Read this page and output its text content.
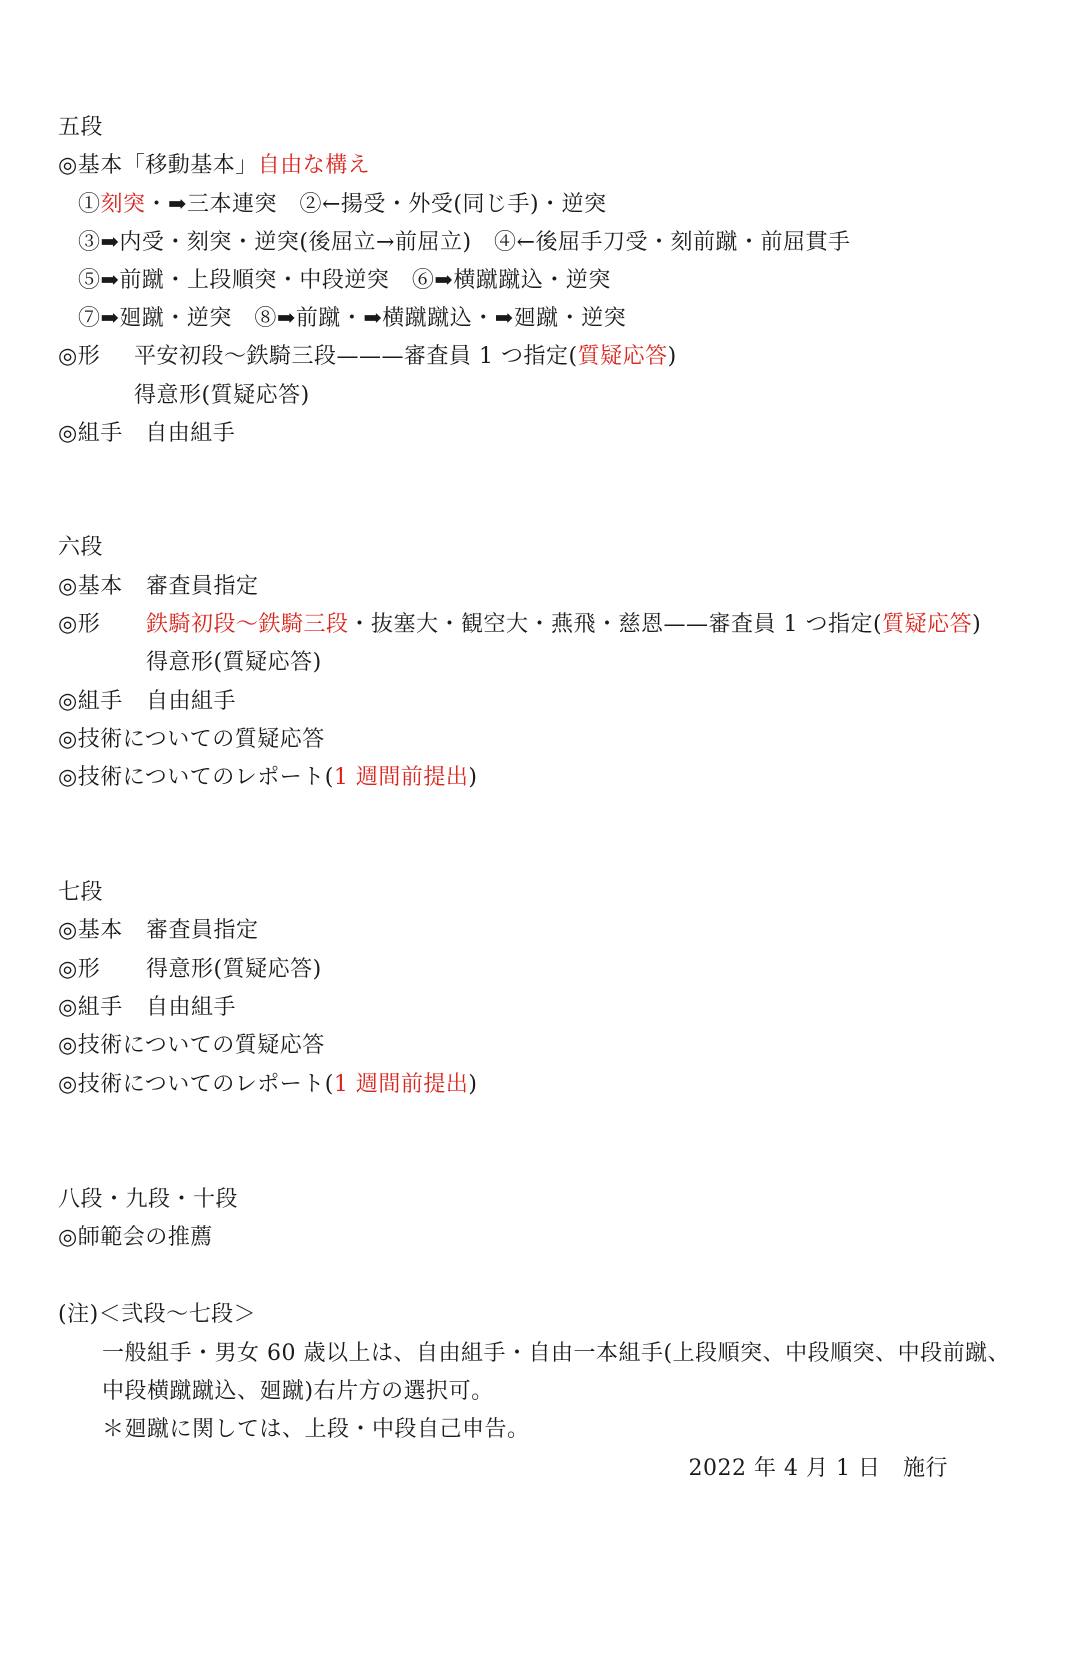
五段
◎基本「移動基本」自由な構え
①刻突・➡三本連突　②←揚受・外受(同じ手)・逆突
③➡内受・刻突・逆突(後屈立→前屈立)　④←後屈手刀受・刻前蹴・前屈貫手
⑤➡前蹴・上段順突・中段逆突　⑥➡横蹴蹴込・逆突
⑦➡廻蹴・逆突　⑧➡前蹴・➡横蹴蹴込・➡廻蹴・逆突
◎形 平安初段～鉄騎三段———審査員 1 つ指定(質疑応答)
得意形(質疑応答)
◎組手　自由組手
六段
◎基本 審査員指定
◎形 鉄騎初段～鉄騎三段・抜塞大・観空大・燕飛・慈恩——審査員 1 つ指定(質疑応答)
得意形(質疑応答)
◎組手 自由組手
◎技術についての質疑応答
◎技術についてのレポート(1 週間前提出)
七段
◎基本 審査員指定
◎形 得意形(質疑応答)
◎組手 自由組手
◎技術についての質疑応答
◎技術についてのレポート(1 週間前提出)
八段・九段・十段
◎師範会の推薦
(注)＜弐段～七段＞
一般組手・男女 60 歳以上は、自由組手・自由一本組手(上段順突、中段順突、中段前蹴、
中段横蹴蹴込、廻蹴)右片方の選択可。
＊廻蹴に関しては、上段・中段自己申告。
2022 年 4 月 1 日　施行
